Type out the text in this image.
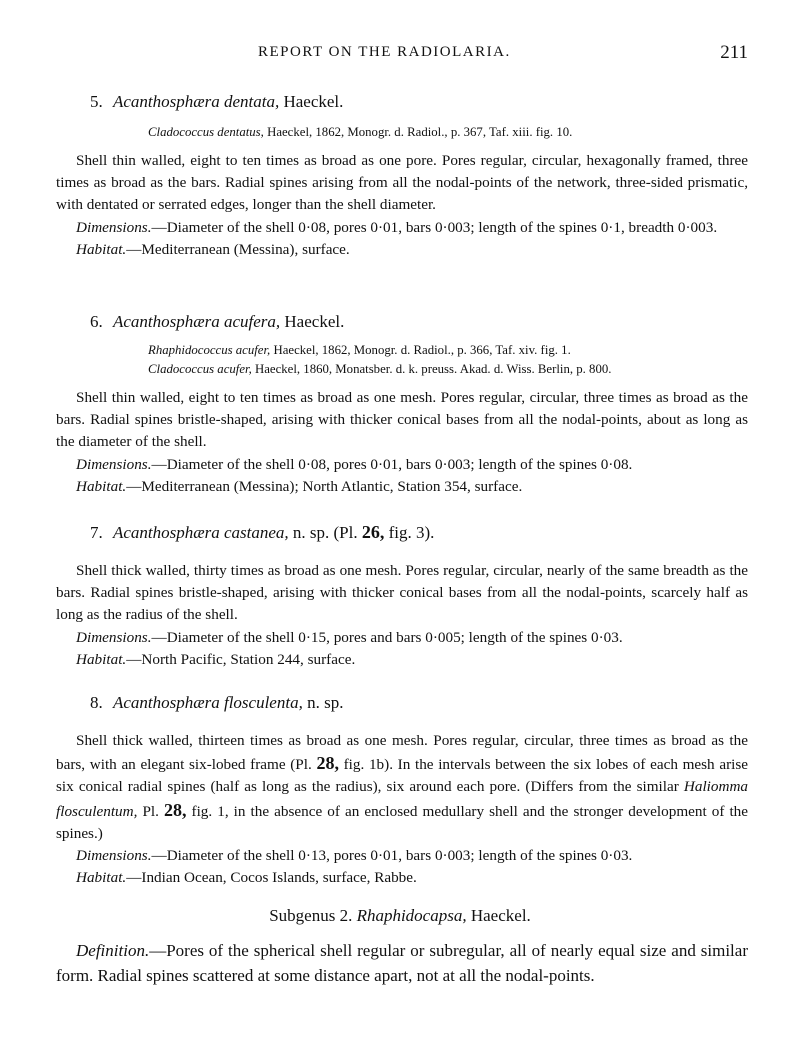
REPORT ON THE RADIOLARIA.	211
5. Acanthosphæra dentata, Haeckel.
Cladococcus dentatus, Haeckel, 1862, Monogr. d. Radiol., p. 367, Taf. xiii. fig. 10.
Shell thin walled, eight to ten times as broad as one pore. Pores regular, circular, hexagonally framed, three times as broad as the bars. Radial spines arising from all the nodal-points of the network, three-sided prismatic, with dentated or serrated edges, longer than the shell diameter.
Dimensions.—Diameter of the shell 0·08, pores 0·01, bars 0·003; length of the spines 0·1, breadth 0·003.
Habitat.—Mediterranean (Messina), surface.
6. Acanthosphæra acufera, Haeckel.
Rhaphidococcus acufer, Haeckel, 1862, Monogr. d. Radiol., p. 366, Taf. xiv. fig. 1.
Cladococcus acufer, Haeckel, 1860, Monatsber. d. k. preuss. Akad. d. Wiss. Berlin, p. 800.
Shell thin walled, eight to ten times as broad as one mesh. Pores regular, circular, three times as broad as the bars. Radial spines bristle-shaped, arising with thicker conical bases from all the nodal-points, about as long as the diameter of the shell.
Dimensions.—Diameter of the shell 0·08, pores 0·01, bars 0·003; length of the spines 0·08.
Habitat.—Mediterranean (Messina); North Atlantic, Station 354, surface.
7. Acanthosphæra castanea, n. sp. (Pl. 26, fig. 3).
Shell thick walled, thirty times as broad as one mesh. Pores regular, circular, nearly of the same breadth as the bars. Radial spines bristle-shaped, arising with thicker conical bases from all the nodal-points, scarcely half as long as the radius of the shell.
Dimensions.—Diameter of the shell 0·15, pores and bars 0·005; length of the spines 0·03.
Habitat.—North Pacific, Station 244, surface.
8. Acanthosphæra flosculenta, n. sp.
Shell thick walled, thirteen times as broad as one mesh. Pores regular, circular, three times as broad as the bars, with an elegant six-lobed frame (Pl. 28, fig. 1b). In the intervals between the six lobes of each mesh arise six conical radial spines (half as long as the radius), six around each pore. (Differs from the similar Haliomma flosculentum, Pl. 28, fig. 1, in the absence of an enclosed medullary shell and the stronger development of the spines.)
Dimensions.—Diameter of the shell 0·13, pores 0·01, bars 0·003; length of the spines 0·03.
Habitat.—Indian Ocean, Cocos Islands, surface, Rabbe.
Subgenus 2. Rhaphidocapsa, Haeckel.
Definition.—Pores of the spherical shell regular or subregular, all of nearly equal size and similar form. Radial spines scattered at some distance apart, not at all the nodal-points.
